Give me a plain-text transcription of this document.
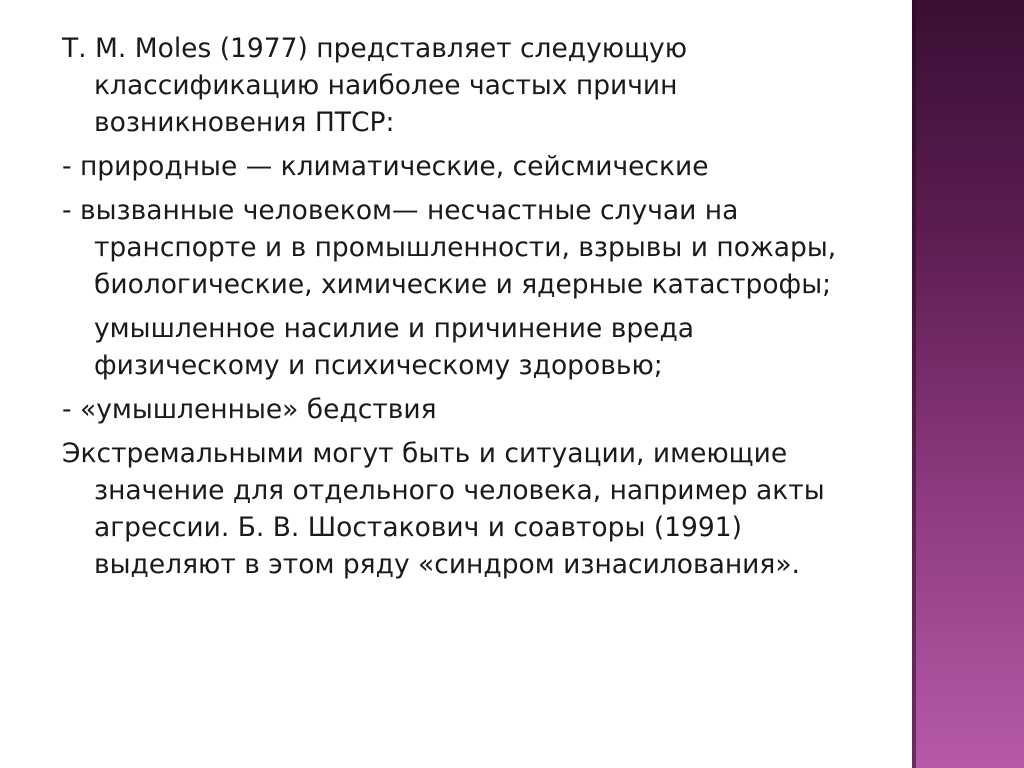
Т. М. Moles (1977) представляет следующую классификацию наиболее частых причин возникновения ПТСР:

- природные — климатические, сейсмические

- вызванные человеком— несчастные случаи на транспорте и в промышленности, взрывы и пожары, биологические, химические и ядерные катастрофы;

умышленное насилие и причинение вреда физическому и психическому здоровью;

- «умышленные» бедствия

Экстремальными могут быть и ситуации, имеющие значение для отдельного человека, например акты агрессии. Б. В. Шостакович и соавторы (1991) выделяют в этом ряду «синдром изнасилования».
